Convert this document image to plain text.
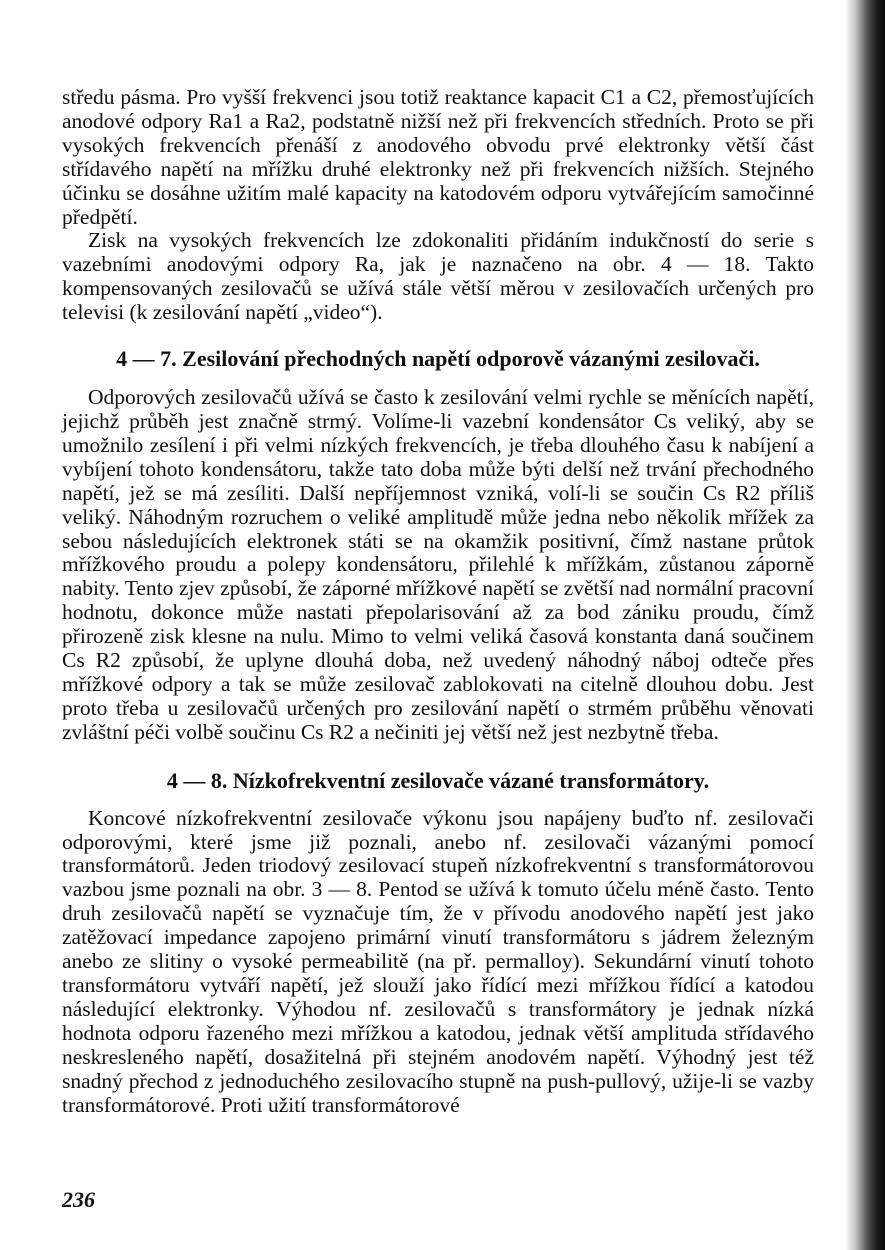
středu pásma. Pro vyšší frekvenci jsou totiž reaktance kapacit C1 a C2, přemosťujících anodové odpory Ra1 a Ra2, podstatně nižší než při frekvencích středních. Proto se při vysokých frekvencích přenáší z anodového obvodu prvé elektronky větší část střídavého napětí na mřížku druhé elektronky než při frekvencích nižších. Stejného účinku se dosáhne užitím malé kapacity na katodovém odporu vytvářejícím samočinné předpětí.

Zisk na vysokých frekvencích lze zdokonaliti přidáním indukčností do serie s vazebními anodovými odpory Ra, jak je naznačeno na obr. 4 — 18. Takto kompensovaných zesilovačů se užívá stále větší měrou v zesilovačích určených pro televisi (k zesilování napětí „video“).

4 — 7. Zesilování přechodných napětí odporově vázanými zesilovači.

Odporových zesilovačů užívá se často k zesilování velmi rychle se měnících napětí, jejichž průběh jest značně strmý. Volíme-li vazební kondensátor Cs veliký, aby se umožnilo zesílení i při velmi nízkých frekvencích, je třeba dlouhého času k nabíjení a vybíjení tohoto kondensátoru, takže tato doba může býti delší než trvání přechodného napětí, jež se má zesíliti. Další nepříjemnost vzniká, volí-li se součin Cs R2 příliš veliký. Náhodným rozruchem o veliké amplitudě může jedna nebo několik mřížek za sebou následujících elektronek státi se na okamžik positivní, čímž nastane průtok mřížkového proudu a polepy kondensátoru, přilehlé k mřížkám, zůstanou záporně nabity. Tento zjev způsobí, že záporné mřížkové napětí se zvětší nad normální pracovní hodnotu, dokonce může nastati přepolarisování až za bod zániku proudu, čímž přirozeně zisk klesne na nulu. Mimo to velmi veliká časová konstanta daná součinem Cs R2 způsobí, že uplyne dlouhá doba, než uvedený náhodný náboj odteče přes mřížkové odpory a tak se může zesilovač zablokovati na citelně dlouhou dobu. Jest proto třeba u zesilovačů určených pro zesilování napětí o strmém průběhu věnovati zvláštní péči volbě součinu Cs R2 a nečiniti jej větší než jest nezbytně třeba.

4 — 8. Nízkofrekventní zesilovače vázané transformátory.

Koncové nízkofrekventní zesilovače výkonu jsou napájeny buďto nf. zesilovači odporovými, které jsme již poznali, anebo nf. zesilovači vázanými pomocí transformátorů. Jeden triodový zesilovací stupeň nízkofrekventní s transformátorovou vazbou jsme poznali na obr. 3 — 8. Pentod se užívá k tomuto účelu méně často. Tento druh zesilovačů napětí se vyznačuje tím, že v přívodu anodového napětí jest jako zatěžovací impedance zapojeno primární vinutí transformátoru s jádrem železným anebo ze slitiny o vysoké permeabilitě (na př. permalloy). Sekundární vinutí tohoto transformátoru vytváří napětí, jež slouží jako řídící mezi mřížkou řídící a katodou následující elektronky. Výhodou nf. zesilovačů s transformátory je jednak nízká hodnota odporu řazeného mezi mřížkou a katodou, jednak větší amplituda střídavého neskresleného napětí, dosažitelná při stejném anodovém napětí. Výhodný jest též snadný přechod z jednoduchého zesilovacího stupně na push-pullový, užije-li se vazby transformátorové. Proti užití transformátorové

236
